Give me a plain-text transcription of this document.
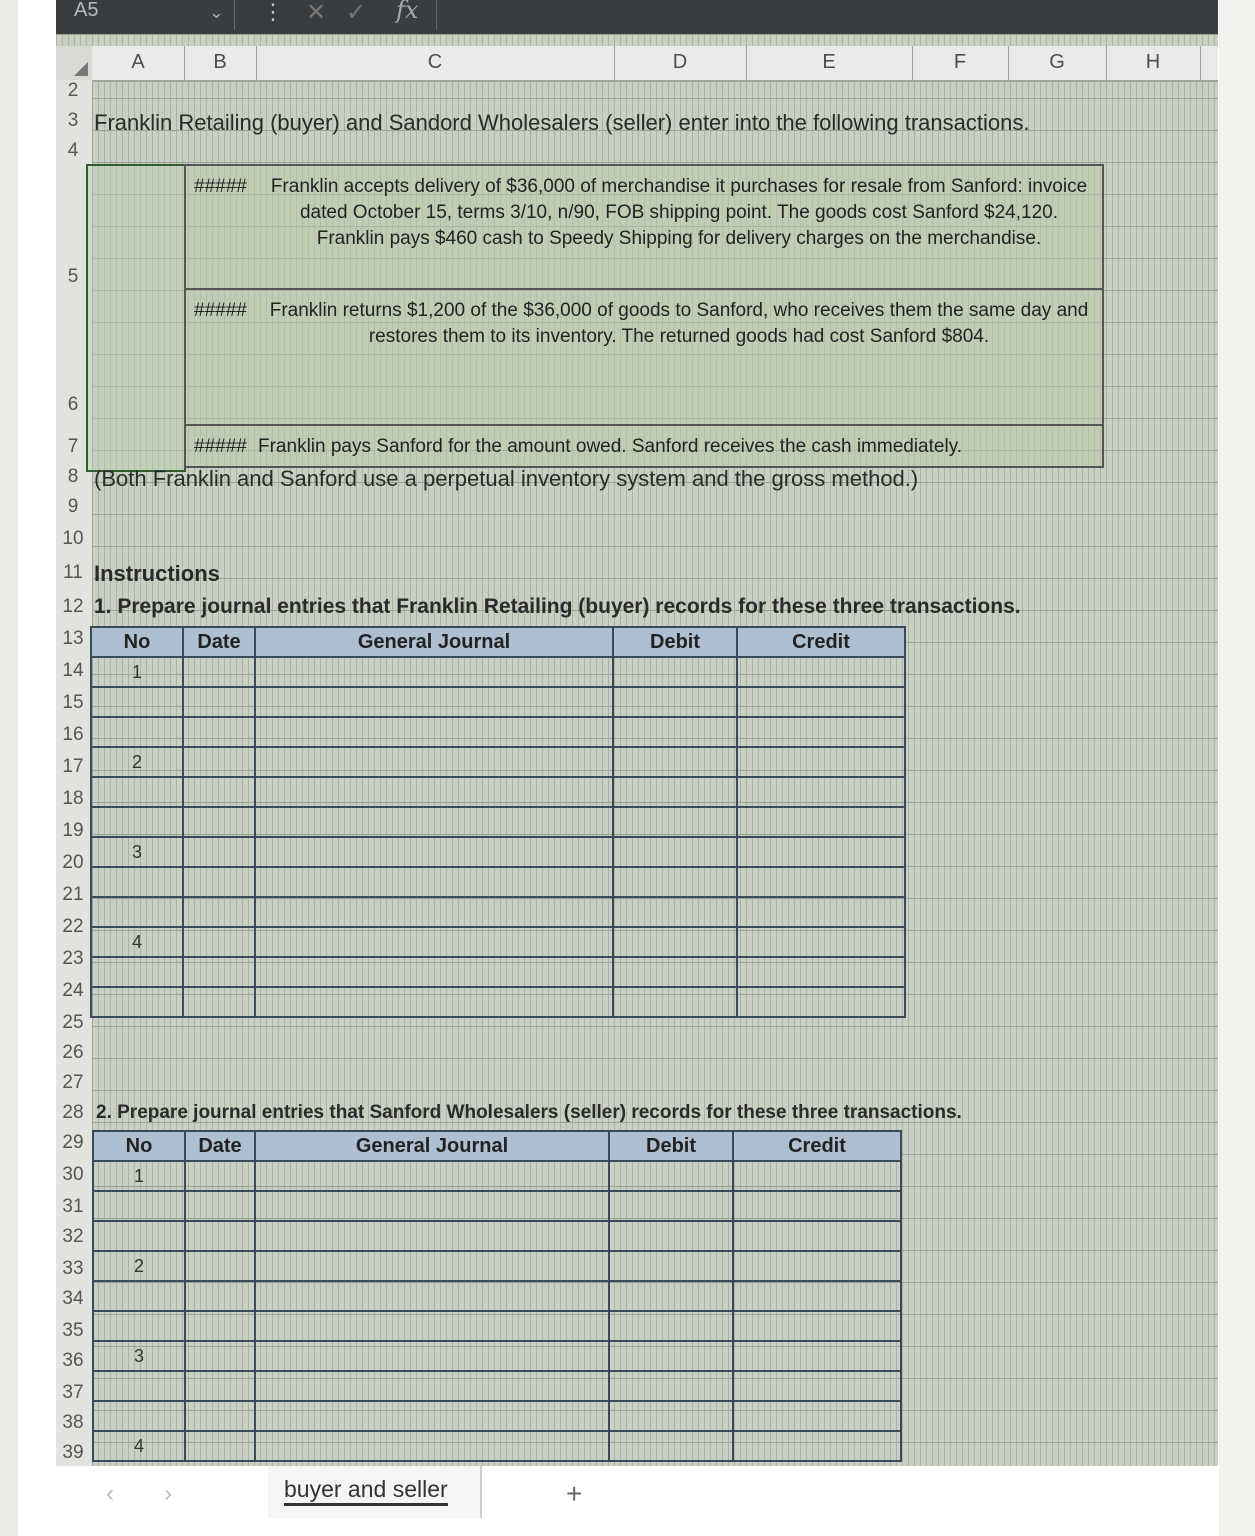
A5	⌄ ⋮ ✕ ✓ fx
A	B	C	D	E	F	G	H
2
3
4
5
6
7
8
9
10
11
12
13
14
15
16
17
18
19
20
21
22
23
24
25
26
27
28
29
30
31
32
33
34
35
36
37
38
39
Franklin Retailing (buyer) and Sandord Wholesalers (seller) enter into the following transactions.
##### Franklin accepts delivery of $36,000 of merchandise it purchases for resale from Sanford: invoice dated October 15, terms 3/10, n/90, FOB shipping point. The goods cost Sanford $24,120. Franklin pays $460 cash to Speedy Shipping for delivery charges on the merchandise.
##### Franklin returns $1,200 of the $36,000 of goods to Sanford, who receives them the same day and restores them to its inventory. The returned goods had cost Sanford $804.
##### Franklin pays Sanford for the amount owed. Sanford receives the cash immediately.
(Both Franklin and Sanford use a perpetual inventory system and the gross method.)
Instructions
1. Prepare journal entries that Franklin Retailing (buyer) records for these three transactions.
No	Date	General Journal	Debit	Credit
1				

2				

3				

4				

2. Prepare journal entries that Sanford Wholesalers (seller) records for these three transactions.
No	Date	General Journal	Debit	Credit
1				

2				

3				

4				
‹ ›	buyer and seller	+
